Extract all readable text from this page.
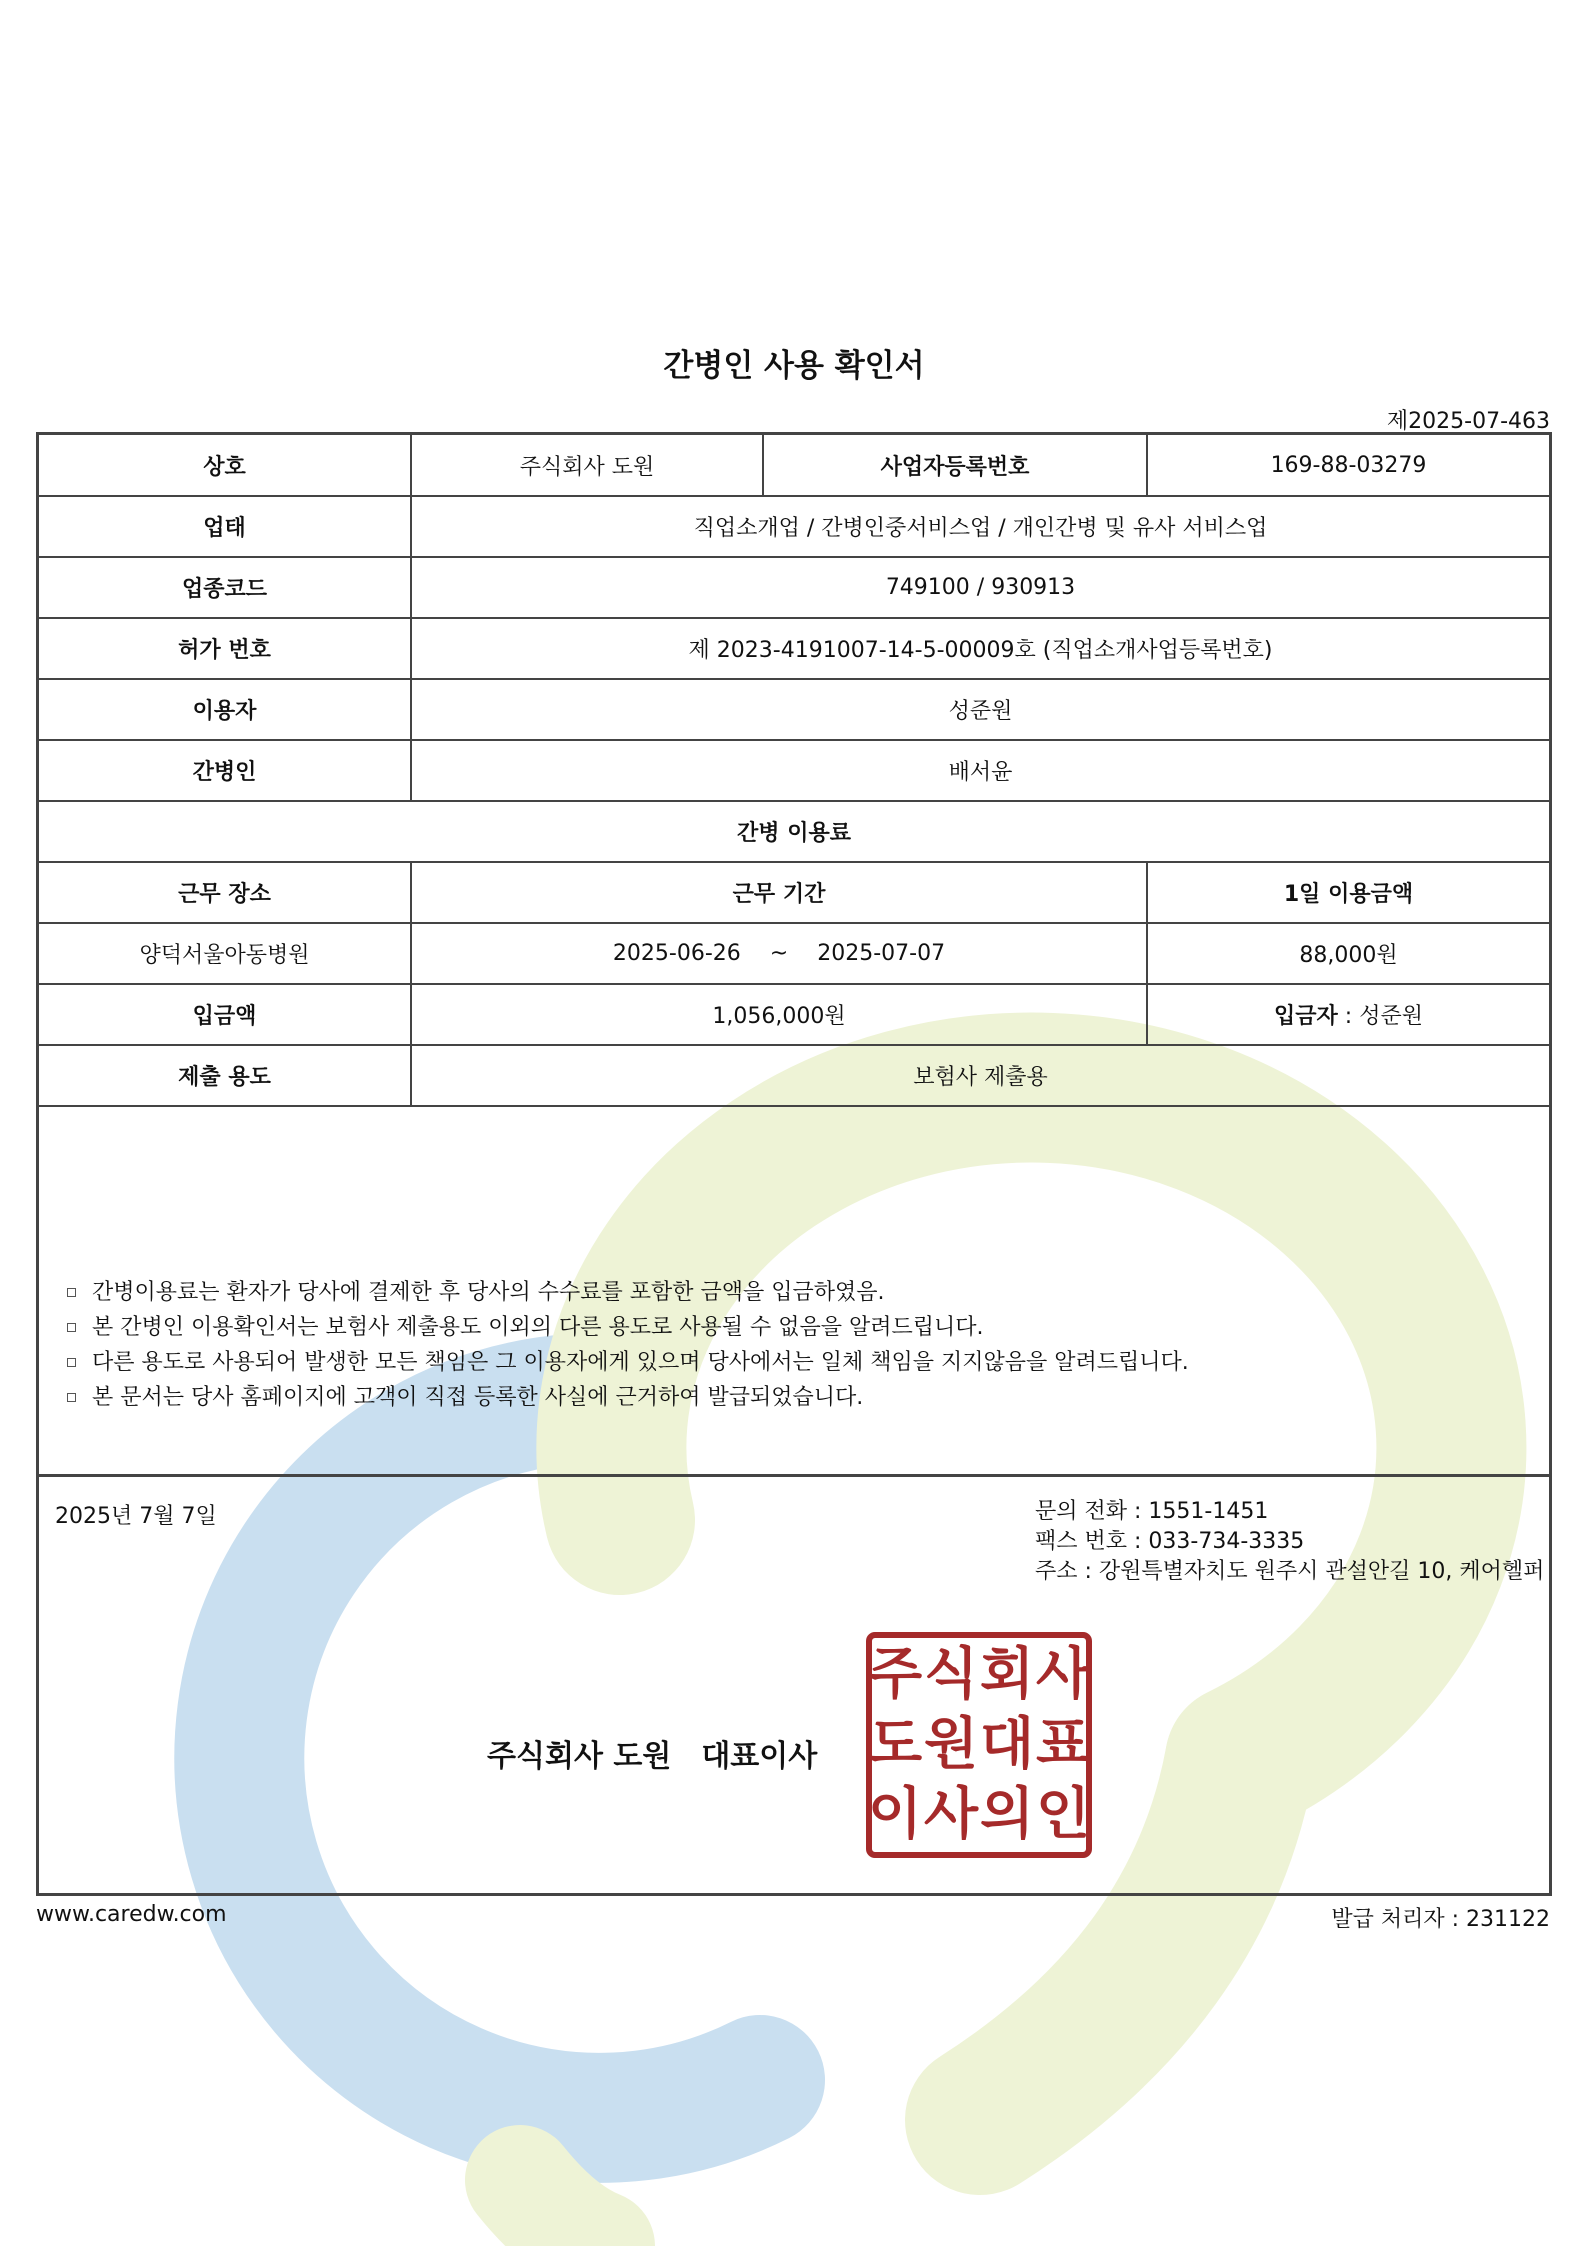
간병인 사용 확인서
제2025-07-463
상호	주식회사 도원	사업자등록번호	169-88-03279
업태	직업소개업 / 간병인중서비스업 / 개인간병 및 유사 서비스업		
업종코드	749100 / 930913		
허가 번호	제 2023-4191007-14-5-00009호 (직업소개사업등록번호)		
이용자	성준원		
간병인	배서윤		
간병 이용료			
근무 장소	근무 기간		1일 이용금액
양덕서울아동병원	2025-06-26 ~ 2025-07-07		88,000원
입금액	1,056,000원		입금자 : 성준원
제출 용도	보험사 제출용		
간병이용료는 환자가 당사에 결제한 후 당사의 수수료를 포함한 금액을 입금하였음.
본 간병인 이용확인서는 보험사 제출용도 이외의 다른 용도로 사용될 수 없음을 알려드립니다.
다른 용도로 사용되어 발생한 모든 책임은 그 이용자에게 있으며 당사에서는 일체 책임을 지지않음을 알려드립니다.
본 문서는 당사 홈페이지에 고객이 직접 등록한 사실에 근거하여 발급되었습니다.
2025년 7월 7일	문의 전화 : 1551-1451
팩스 번호 : 033-734-3335
주소 : 강원특별자치도 원주시 관설안길 10, 케어헬퍼
주식회사 도원 대표이사
주 식 회 사
도 원 대 표
이 사 의 인
www.caredw.com	발급 처리자 : 231122
